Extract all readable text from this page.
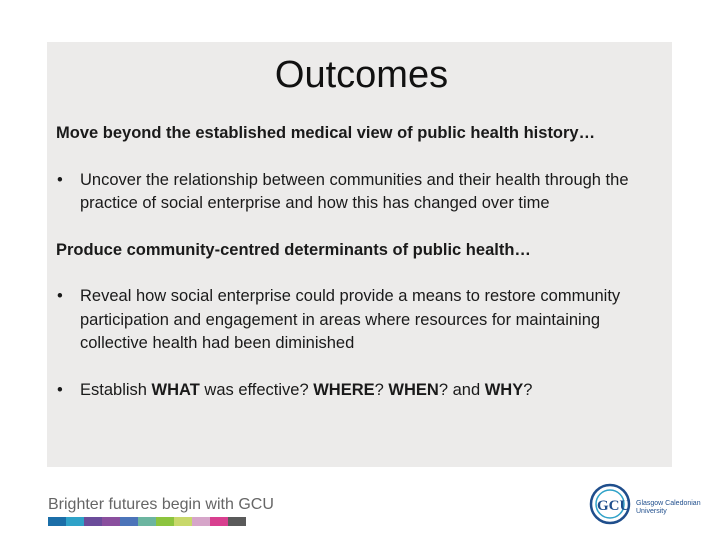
Outcomes

Move beyond the established medical view of public health history…

•	Uncover the relationship between communities and their health through the practice of social enterprise and how this has changed over time

Produce community-centred determinants of public health…

•	Reveal how social enterprise could provide a means to restore community participation and engagement in areas where resources for maintaining collective health had been diminished
•	Establish WHAT was effective? WHERE? WHEN? and WHY?
Brighter futures begin with GCU	GCU Glasgow Caledonian
University
